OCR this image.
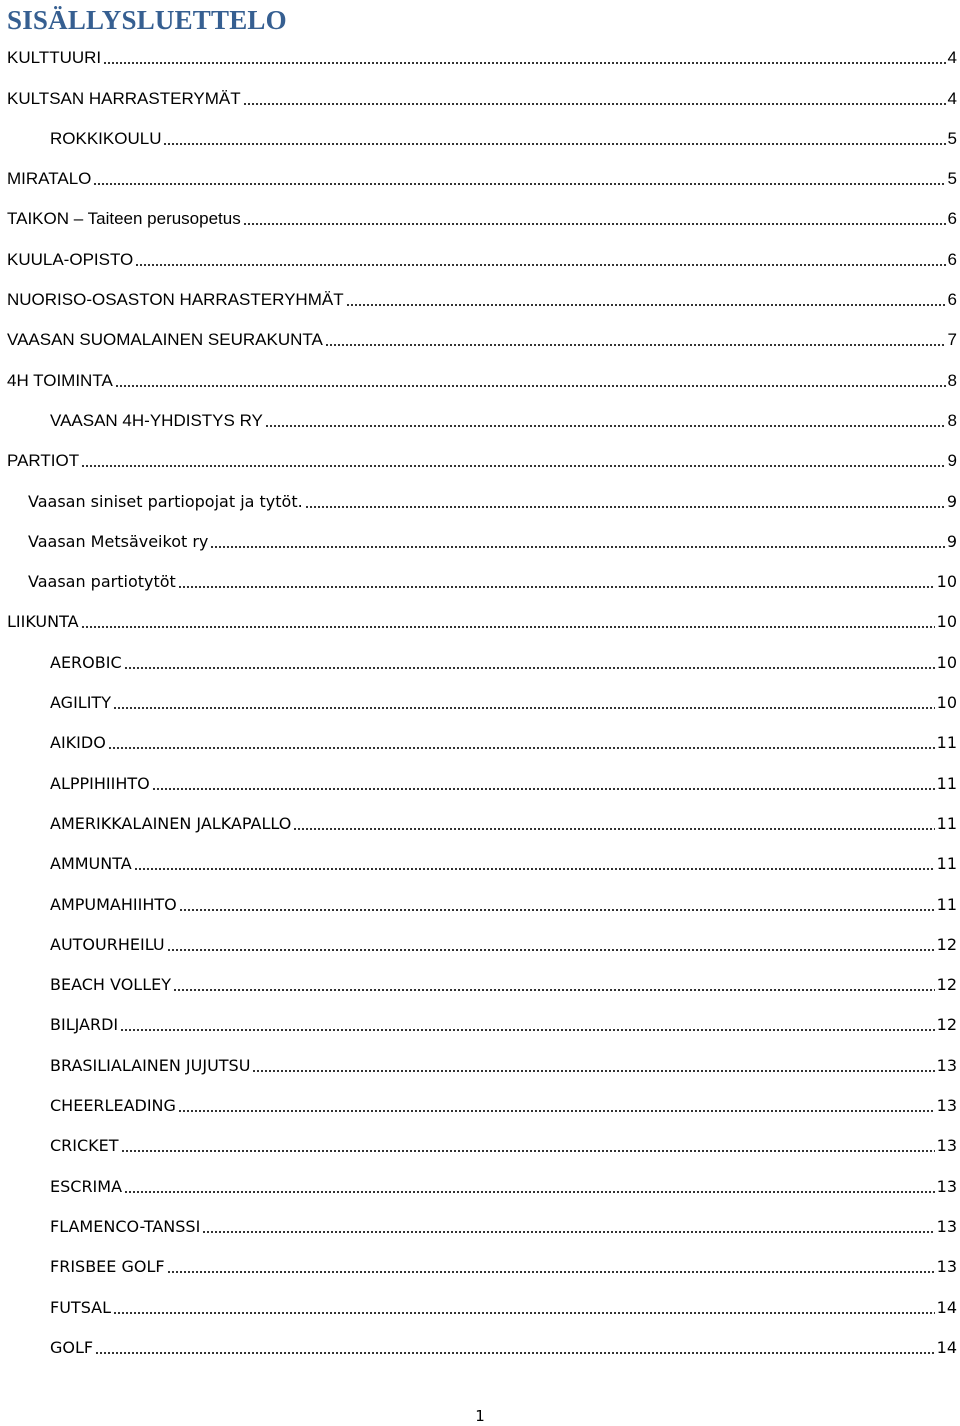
SISÄLLYSLUETTELO
KULTTUURI	4
KULTSAN HARRASTERYMÄT	4
ROKKIKOULU	5
MIRATALO	5
TAIKON – Taiteen perusopetus	6
KUULA-OPISTO	6
NUORISO-OSASTON HARRASTERYHMÄT	6
VAASAN SUOMALAINEN SEURAKUNTA	7
4H TOIMINTA	8
VAASAN 4H-YHDISTYS RY	8
PARTIOT	9
Vaasan siniset partiopojat ja tytöt.	9
Vaasan Metsäveikot ry	9
Vaasan partiotytöt	10
LIIKUNTA	10
AEROBIC	10
AGILITY	10
AIKIDO	11
ALPPIHIIHTO	11
AMERIKKALAINEN JALKAPALLO	11
AMMUNTA	11
AMPUMAHIIHTO	11
AUTOURHEILU	12
BEACH VOLLEY	12
BILJARDI	12
BRASILIALAINEN JUJUTSU	13
CHEERLEADING	13
CRICKET	13
ESCRIMA	13
FLAMENCO-TANSSI	13
FRISBEE GOLF	13
FUTSAL	14
GOLF	14
1
